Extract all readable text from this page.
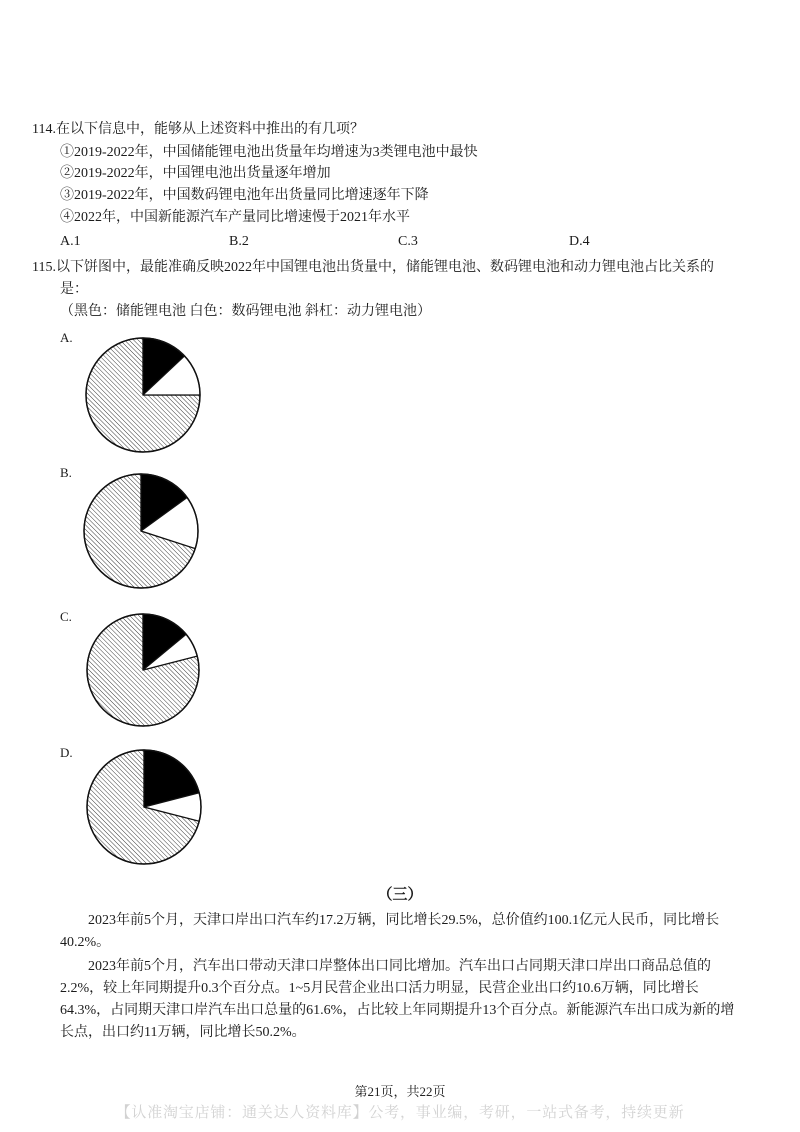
114.在以下信息中，能够从上述资料中推出的有几项？
①2019-2022年，中国储能锂电池出货量年均增速为3类锂电池中最快
②2019-2022年，中国锂电池出货量逐年增加
③2019-2022年，中国数码锂电池年出货量同比增速逐年下降
④2022年，中国新能源汽车产量同比增速慢于2021年水平
A.1	B.2	C.3	D.4
115.以下饼图中，最能准确反映2022年中国锂电池出货量中，储能锂电池、数码锂电池和动力锂电池占比关系的
是：
（黑色：储能锂电池 白色：数码锂电池 斜杠：动力锂电池）
A.
B.
C.
D.
（三）
2023年前5个月，天津口岸出口汽车约17.2万辆，同比增长29.5%，总价值约100.1亿元人民币，同比增长
40.2%。
2023年前5个月，汽车出口带动天津口岸整体出口同比增加。汽车出口占同期天津口岸出口商品总值的
2.2%，较上年同期提升0.3个百分点。1~5月民营企业出口活力明显，民营企业出口约10.6万辆，同比增长
64.3%，占同期天津口岸汽车出口总量的61.6%，占比较上年同期提升13个百分点。新能源汽车出口成为新的增
长点，出口约11万辆，同比增长50.2%。
第21页，共22页
【认准淘宝店铺：通关达人资料库】公考，事业编，考研，一站式备考，持续更新
